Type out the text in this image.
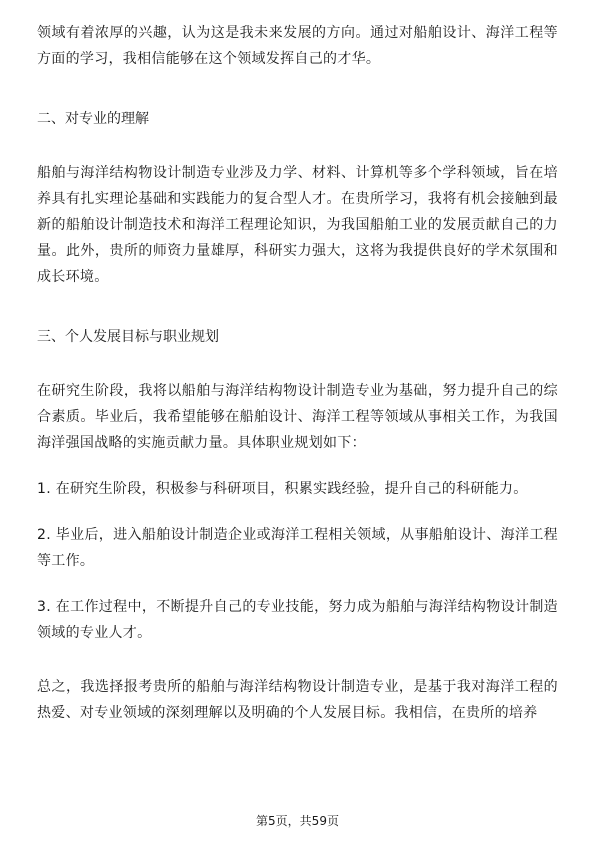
领域有着浓厚的兴趣，认为这是我未来发展的方向。通过对船舶设计、海洋工程等方面的学习，我相信能够在这个领域发挥自己的才华。

二、对专业的理解

船舶与海洋结构物设计制造专业涉及力学、材料、计算机等多个学科领域，旨在培养具有扎实理论基础和实践能力的复合型人才。在贵所学习，我将有机会接触到最新的船舶设计制造技术和海洋工程理论知识，为我国船舶工业的发展贡献自己的力量。此外，贵所的师资力量雄厚，科研实力强大，这将为我提供良好的学术氛围和成长环境。

三、个人发展目标与职业规划

在研究生阶段，我将以船舶与海洋结构物设计制造专业为基础，努力提升自己的综合素质。毕业后，我希望能够在船舶设计、海洋工程等领域从事相关工作，为我国海洋强国战略的实施贡献力量。具体职业规划如下：

1. 在研究生阶段，积极参与科研项目，积累实践经验，提升自己的科研能力。

2. 毕业后，进入船舶设计制造企业或海洋工程相关领域，从事船舶设计、海洋工程等工作。

3. 在工作过程中，不断提升自己的专业技能，努力成为船舶与海洋结构物设计制造领域的专业人才。

总之，我选择报考贵所的船舶与海洋结构物设计制造专业，是基于我对海洋工程的热爱、对专业领域的深刻理解以及明确的个人发展目标。我相信，在贵所的培养

第5页，共59页
